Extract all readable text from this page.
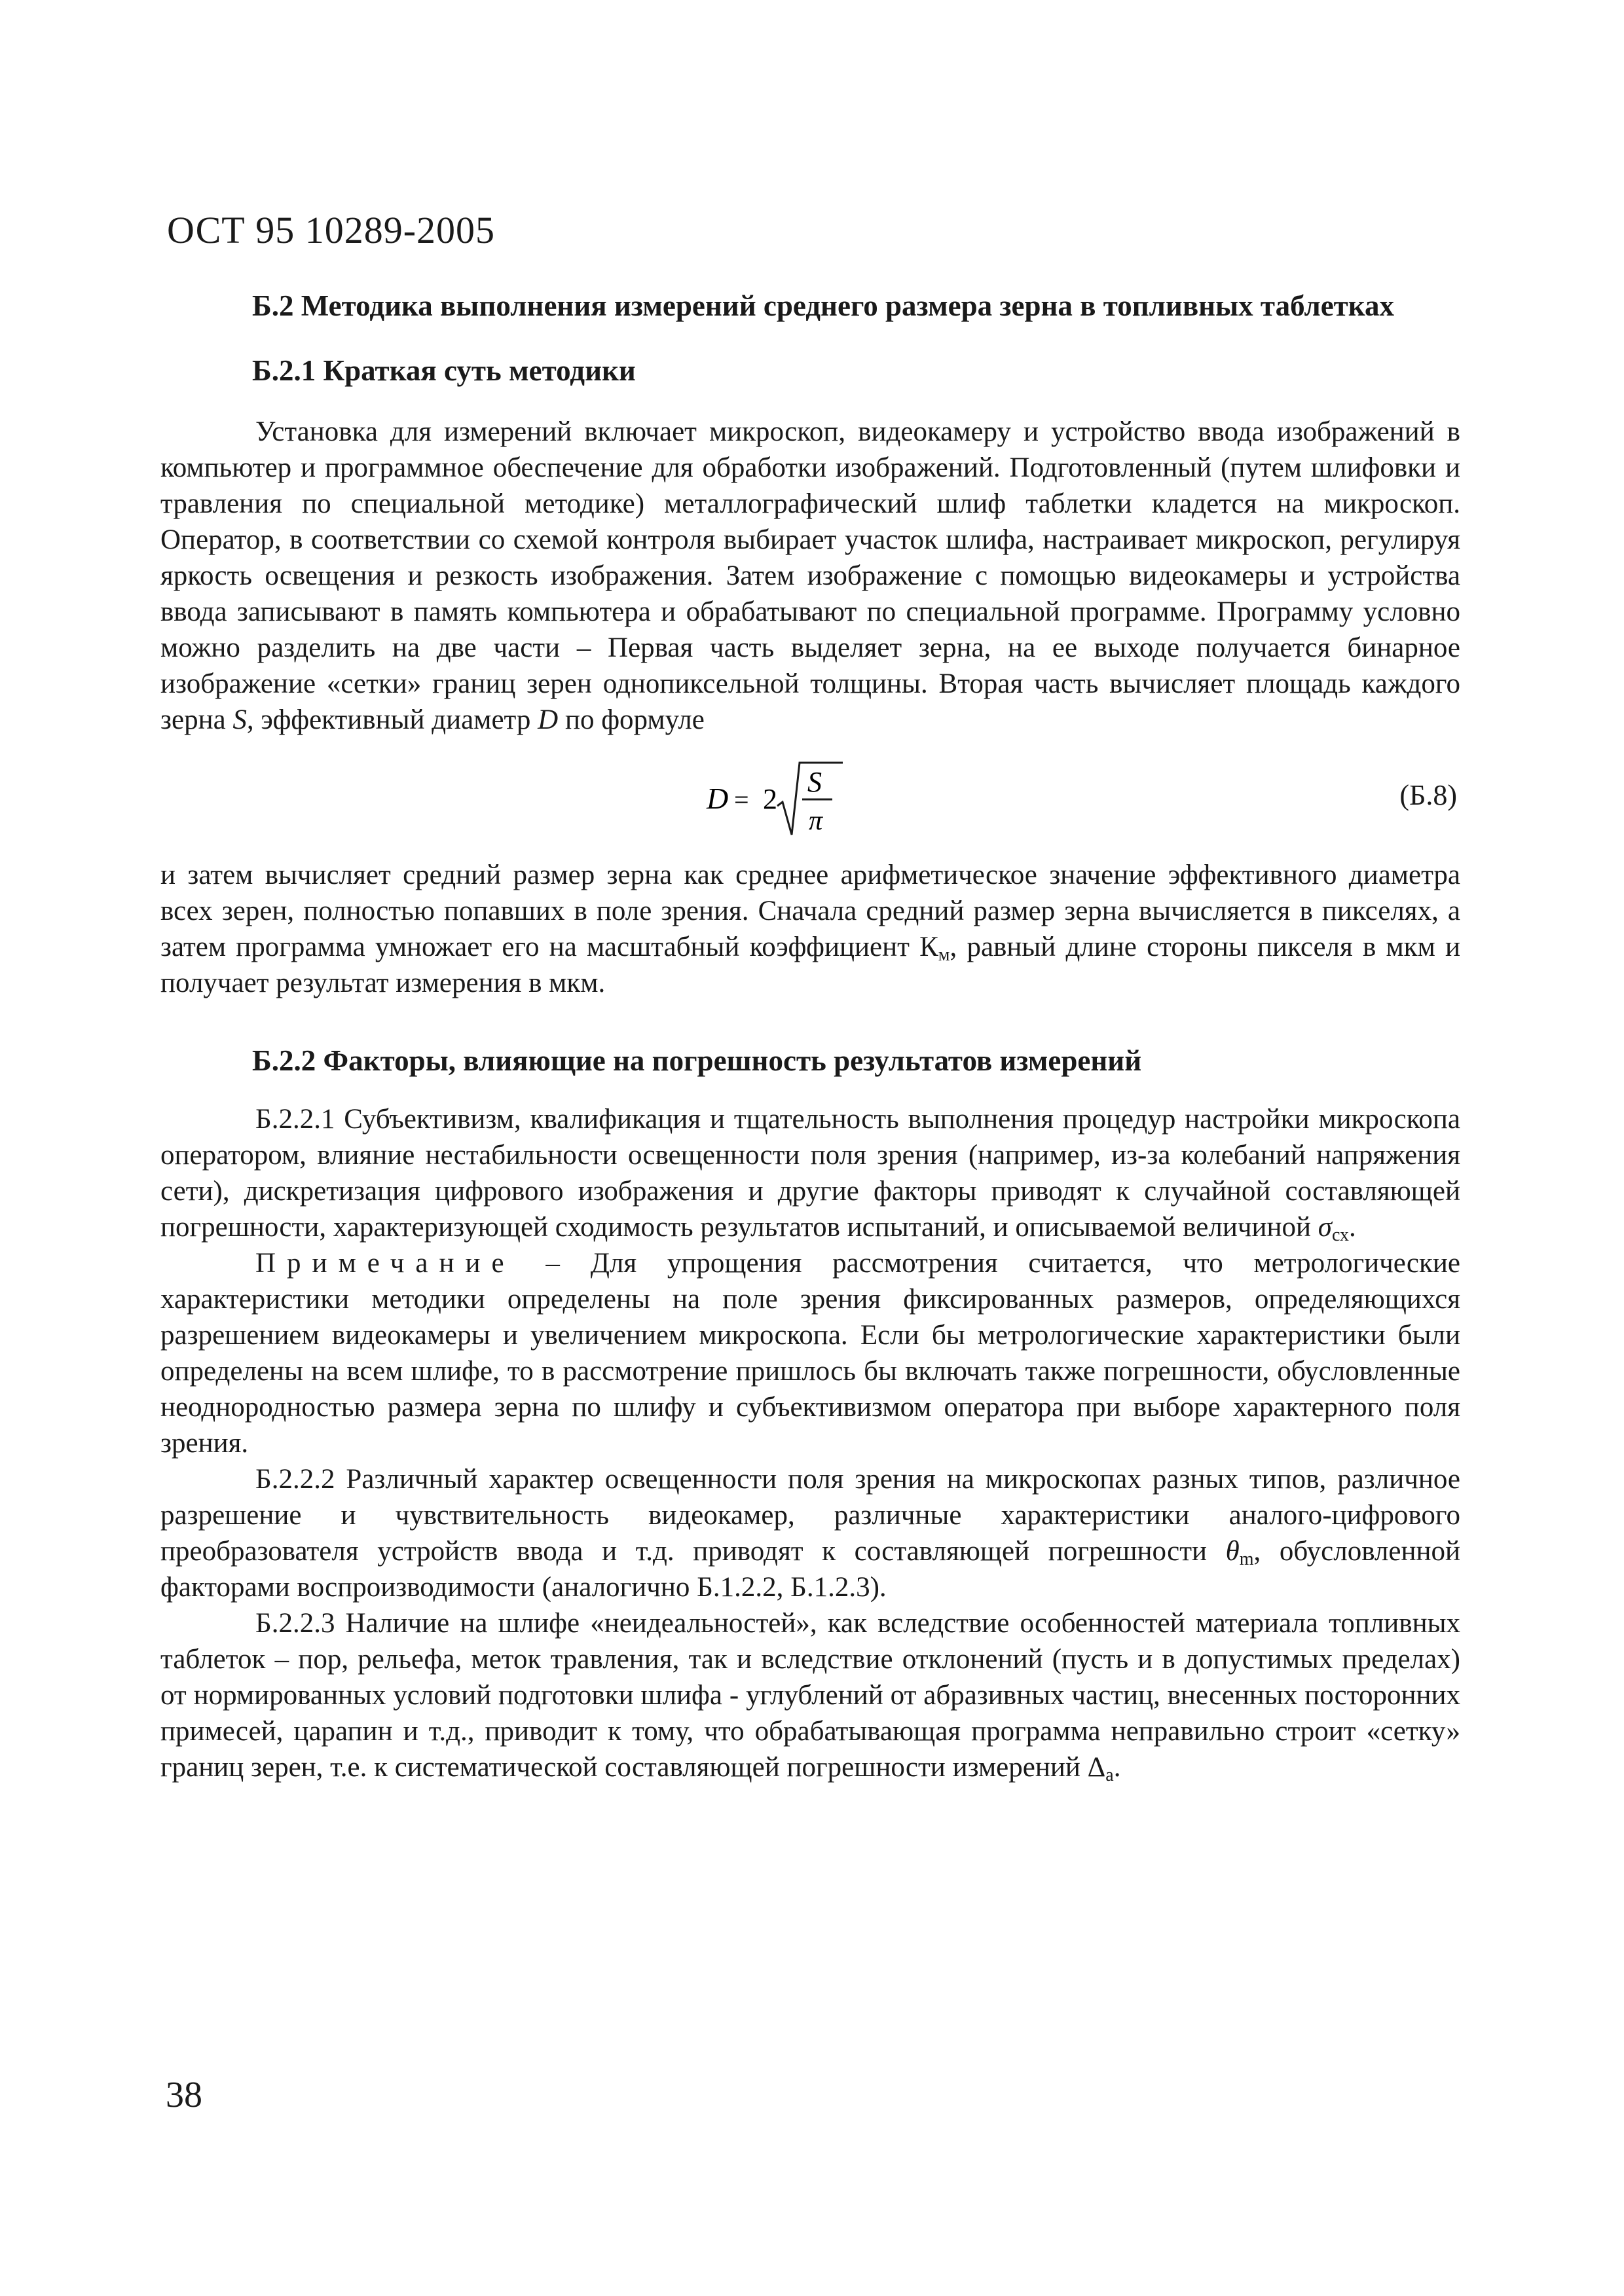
ОСТ 95 10289-2005
Б.2 Методика выполнения измерений среднего размера зерна в топливных таблетках
Б.2.1 Краткая суть методики

Установка для измерений включает микроскоп, видеокамеру и устройство ввода изображений в компьютер и программное обеспечение для обработки изображений. Подготовленный (путем шлифовки и травления по специальной методике) металлографический шлиф таблетки кладется на микроскоп. Оператор, в соответствии со схемой контроля выбирает участок шлифа, настраивает микроскоп, регулируя яркость освещения и резкость изображения. Затем изображение с помощью видеокамеры и устройства ввода записывают в память компьютера и обрабатывают по специальной программе. Программу условно можно разделить на две части – Первая часть выделяет зерна, на ее выходе получается бинарное изображение «сетки» границ зерен однопиксельной толщины. Вторая часть вычисляет площадь каждого зерна S, эффективный диаметр D по формуле

D = 2
S
π
(Б.8)

и затем вычисляет средний размер зерна как среднее арифметическое значение эффективного диаметра всех зерен, полностью попавших в поле зрения. Сначала средний размер зерна вычисляется в пикселях, а затем программа умножает его на масштабный коэффициент $К_м$, равный длине стороны пикселя в мкм и получает результат измерения в мкм.

Б.2.2 Факторы, влияющие на погрешность результатов измерений

Б.2.2.1 Субъективизм, квалификация и тщательность выполнения процедур настройки микроскопа оператором, влияние нестабильности освещенности поля зрения (например, из-за колебаний напряжения сети), дискретизация цифрового изображения и другие факторы приводят к случайной составляющей погрешности, характеризующей сходимость результатов испытаний, и описываемой величиной $\sigma_{сх}$.

Примечание – Для упрощения рассмотрения считается, что метрологические характеристики методики определены на поле зрения фиксированных размеров, определяющихся разрешением видеокамеры и увеличением микроскопа. Если бы метрологические характеристики были определены на всем шлифе, то в рассмотрение пришлось бы включать также погрешности, обусловленные неоднородностью размера зерна по шлифу и субъективизмом оператора при выборе характерного поля зрения.

Б.2.2.2 Различный характер освещенности поля зрения на микроскопах разных типов, различное разрешение и чувствительность видеокамер, различные характеристики аналого-цифрового преобразователя устройств ввода и т.д. приводят к составляющей погрешности $\theta_m$, обусловленной факторами воспроизводимости (аналогично Б.1.2.2, Б.1.2.3).

Б.2.2.3 Наличие на шлифе «неидеальностей», как вследствие особенностей материала топливных таблеток – пор, рельефа, меток травления, так и вследствие отклонений (пусть и в допустимых пределах) от нормированных условий подготовки шлифа - углублений от абразивных частиц, внесенных посторонних примесей, царапин и т.д., приводит к тому, что обрабатывающая программа неправильно строит «сетку» границ зерен, т.е. к систематической составляющей погрешности измерений $\Delta_а$.

38
